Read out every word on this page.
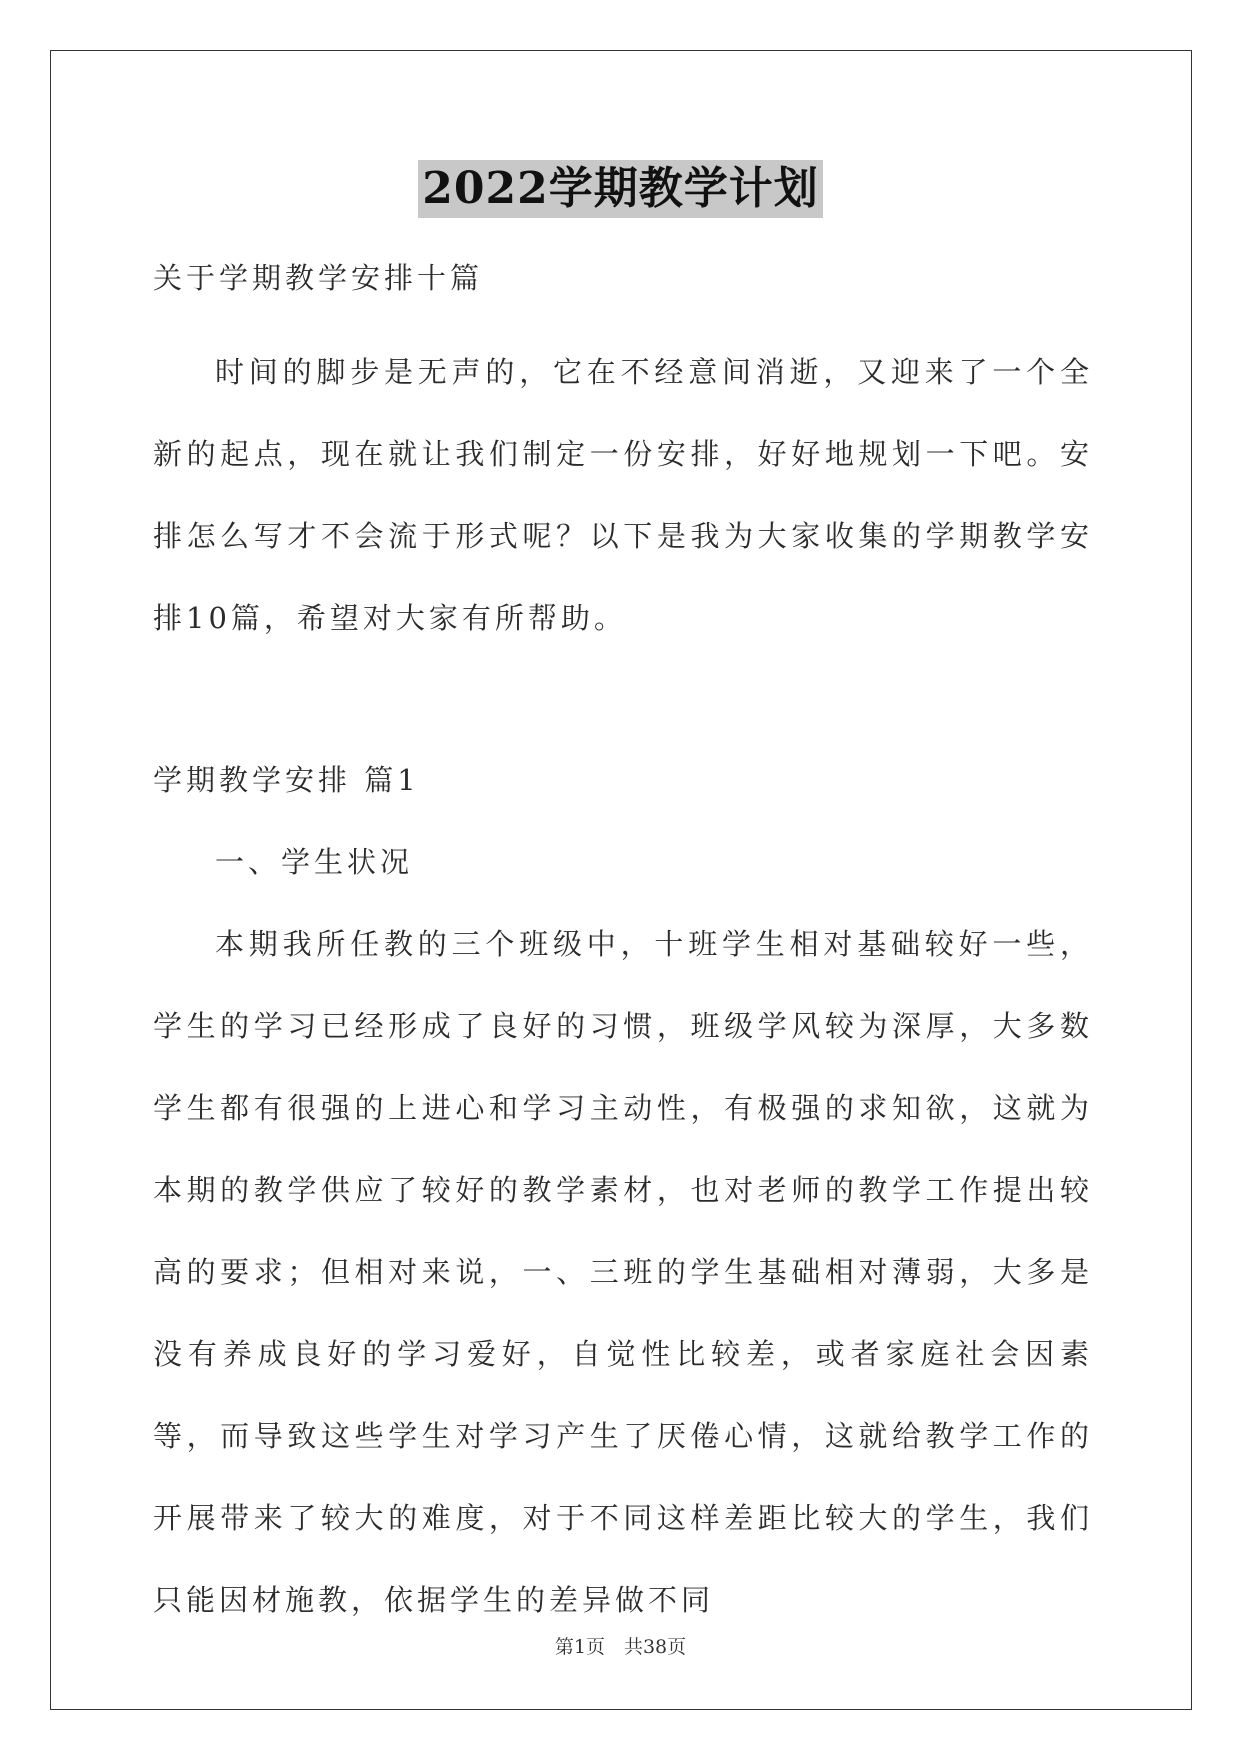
2022学期教学计划
关于学期教学安排十篇
时间的脚步是无声的，它在不经意间消逝，又迎来了一个全新的起点，现在就让我们制定一份安排，好好地规划一下吧。安排怎么写才不会流于形式呢？以下是我为大家收集的学期教学安排10篇，希望对大家有所帮助。
学期教学安排 篇1
一、学生状况
本期我所任教的三个班级中，十班学生相对基础较好一些，学生的学习已经形成了良好的习惯，班级学风较为深厚，大多数学生都有很强的上进心和学习主动性，有极强的求知欲，这就为本期的教学供应了较好的教学素材，也对老师的教学工作提出较高的要求；但相对来说，一、三班的学生基础相对薄弱，大多是没有养成良好的学习爱好，自觉性比较差，或者家庭社会因素等，而导致这些学生对学习产生了厌倦心情，这就给教学工作的开展带来了较大的难度，对于不同这样差距比较大的学生，我们只能因材施教，依据学生的差异做不同
第1页　共38页
